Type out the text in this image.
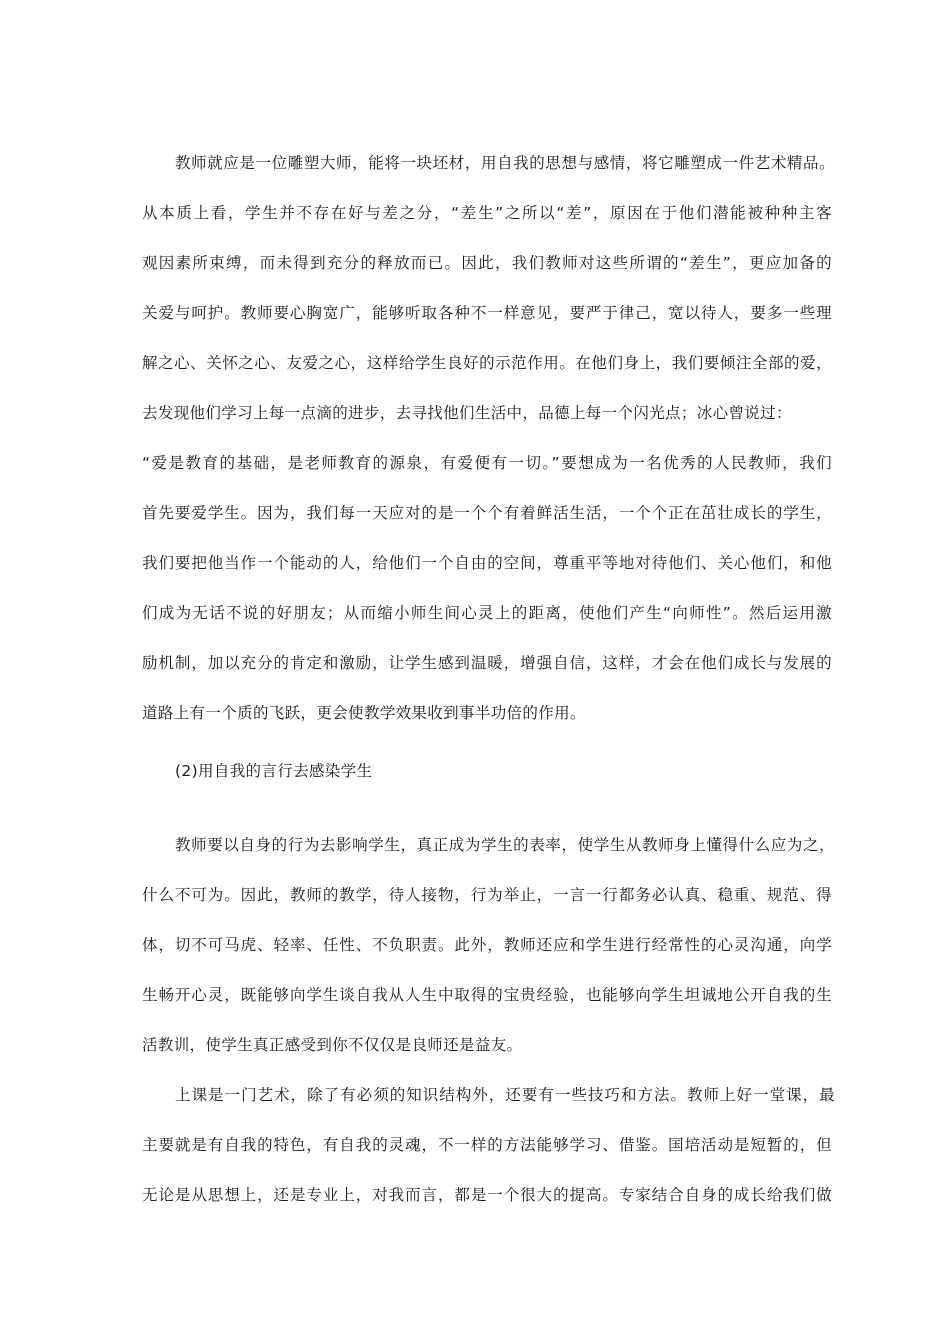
教师就应是一位雕塑大师，能将一块坯材，用自我的思想与感情，将它雕塑成一件艺术精品。
从本质上看，学生并不存在好与差之分，“差生”之所以“差”，原因在于他们潜能被种种主客
观因素所束缚，而未得到充分的释放而已。因此，我们教师对这些所谓的“差生”，更应加备的
关爱与呵护。教师要心胸宽广，能够听取各种不一样意见，要严于律己，宽以待人，要多一些理
解之心、关怀之心、友爱之心，这样给学生良好的示范作用。在他们身上，我们要倾注全部的爱，
去发现他们学习上每一点滴的进步，去寻找他们生活中，品德上每一个闪光点；冰心曾说过：
“爱是教育的基础，是老师教育的源泉，有爱便有一切。”要想成为一名优秀的人民教师，我们
首先要爱学生。因为，我们每一天应对的是一个个有着鲜活生活，一个个正在茁壮成长的学生，
我们要把他当作一个能动的人，给他们一个自由的空间，尊重平等地对待他们、关心他们，和他
们成为无话不说的好朋友；从而缩小师生间心灵上的距离，使他们产生“向师性”。然后运用激
励机制，加以充分的肯定和激励，让学生感到温暖，增强自信，这样，才会在他们成长与发展的
道路上有一个质的飞跃，更会使教学效果收到事半功倍的作用。
(2)用自我的言行去感染学生
教师要以自身的行为去影响学生，真正成为学生的表率，使学生从教师身上懂得什么应为之，
什么不可为。因此，教师的教学，待人接物，行为举止，一言一行都务必认真、稳重、规范、得
体，切不可马虎、轻率、任性、不负职责。此外，教师还应和学生进行经常性的心灵沟通，向学
生畅开心灵，既能够向学生谈自我从人生中取得的宝贵经验，也能够向学生坦诚地公开自我的生
活教训，使学生真正感受到你不仅仅是良师还是益友。
上课是一门艺术，除了有必须的知识结构外，还要有一些技巧和方法。教师上好一堂课，最
主要就是有自我的特色，有自我的灵魂，不一样的方法能够学习、借鉴。国培活动是短暂的，但
无论是从思想上，还是专业上，对我而言，都是一个很大的提高。专家结合自身的成长给我们做
